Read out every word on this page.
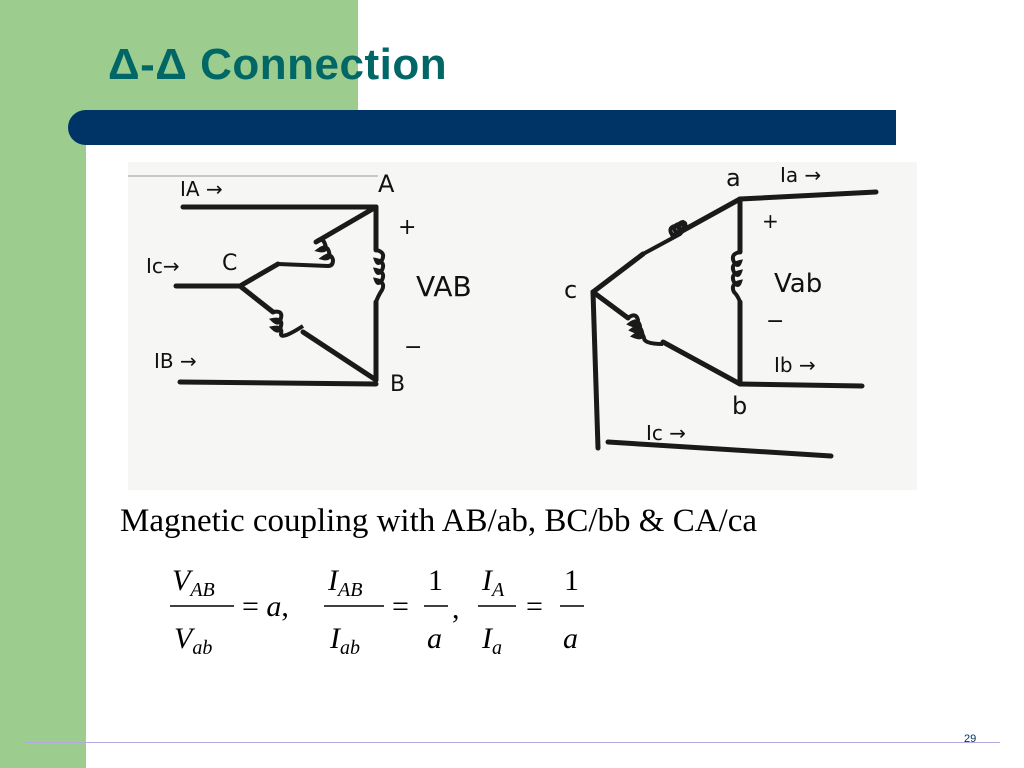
Δ-Δ Connection
IA →
Ic→
IB →
A
C
B
+
−
VAB
Ia →
Ib →
Ic →
a
c
b
+
−
Vab
Magnetic coupling with AB/ab, BC/bb & CA/ca
$V_{AB}$
$V_{ab}$
= a,
$I_{AB}$
$I_{ab}$
=
1
a
,
$I_A$
$I_a$
=
1
a
29
